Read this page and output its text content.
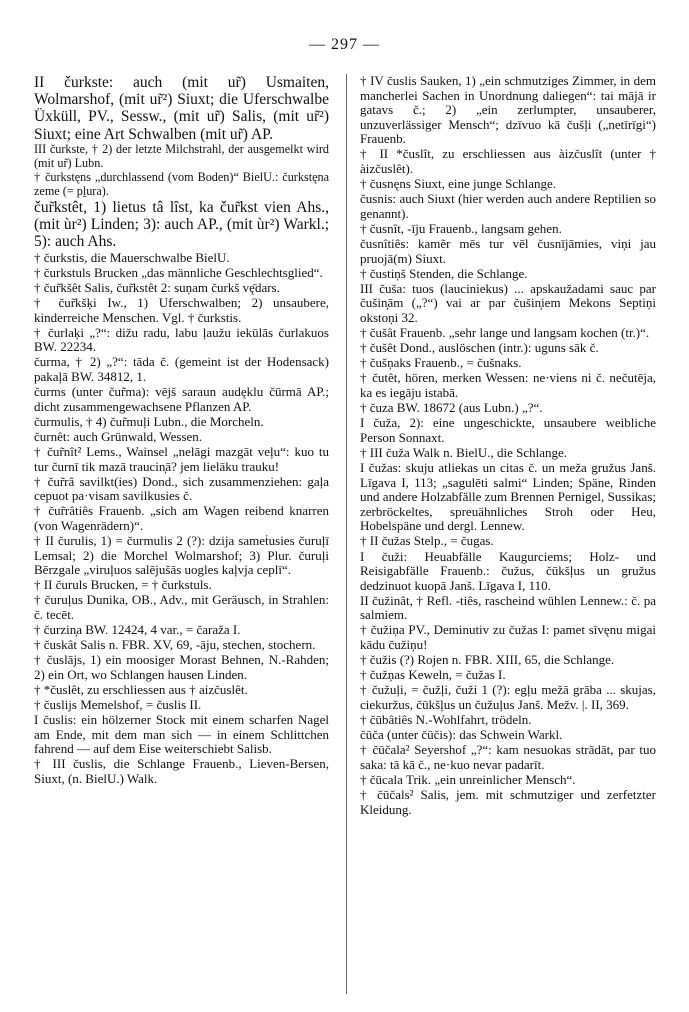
— 297 —

II čurkste: auch (mit ur̃) Usmaiten, Wolmarshof, (mit ur̃²) Siuxt; die Uferschwalbe Üxküll, PV., Sessw., (mit ur̃) Salis, (mit ur̃²) Siuxt; eine Art Schwalben (mit ur̃) AP.

III čurkste, † 2) der letzte Milchstrahl, der ausgemelkt wird (mit ur̃) Lubn.

† čurkstęns „durchlassend (vom Boden)“ BielU.: čurkstęna zeme (= pḻura).

čur̃kstêt, 1) lietus tâ lîst, ka čur̃kst vien Ahs., (mit ùr²) Linden; 3): auch AP., (mit ùr²) Warkl.; 5): auch Ahs.

† čurkstis, die Mauerschwalbe BielU.

† čurkstuls Brucken „das männliche Geschlechtsglied“.

† čur̃kšêt Salis, čur̃kstêt 2: suņam čurkš vę̄dars.

† čur̃kšķi Iw., 1) Uferschwalben; 2) unsaubere, kinderreiche Menschen. Vgl. † čurkstis.

† čurlaķi „?“: dižu radu, labu ļaužu iekūlās čurlakuos BW. 22234.

čurma, † 2) „?“: tāda č. (gemeint ist der Hodensack) pakaļā BW. 34812, 1.

čurms (unter čur̃ma): vējš saraun audęklu čūrmā AP.; dicht zusammengewachsene Pflanzen AP.

čurmulis, † 4) čur̃muļi Lubn., die Morcheln.

čurnêt: auch Grünwald, Wessen.

† čur̃nît² Lems., Wainsel „nelāgi mazgāt veļu“: kuo tu tur čurnī tik mazā traucin̦ā? jem lielāku trauku!

† čur̃râ savilkt(ies) Dond., sich zusammenziehen: gaļa cepuot pa·visam savilkusies č.

† čur̃râtiês Frauenb. „sich am Wagen reibend knarren (von Wagenrädern)“.

† II čurulis, 1) = čurmulis 2 (?): dzija sameṫusies čuruļī Lemsal; 2) die Morchel Wolmarshof; 3) Plur. čuruļi Bērzgale „viruļuos salējušās uogles kaļvja ceplī“.

† II čuruls Brucken, = † čurkstuls.

† čuruļus Dunika, OB., Adv., mit Geräusch, in Strahlen: č. tecēt.

† čurzin̦a BW. 12424, 4 var., = čaraža I.

† čuskât Salis n. FBR. XV, 69, -āju, stechen, stochern.

† čuslājs, 1) ein moosiger Morast Behnen, N.-Rahden; 2) ein Ort, wo Schlangen hausen Linden.

† *čuslêt, zu erschliessen aus † aizčuslêt.

† čuslijs Memelshof, = čuslis II.

I čuslis: ein hölzerner Stock mit einem scharfen Nagel am Ende, mit dem man sich — in einem Schlittchen fahrend — auf dem Eise weiterschiebt Salisb.

† III čuslis, die Schlange Frauenb., Lieven-Bersen, Siuxt, (n. BielU.) Walk.

† IV čuslis Sauken, 1) „ein schmutziges Zimmer, in dem mancherlei Sachen in Unordnung daliegen“: tai mājā ir gatavs č.; 2) „ein zerlumpter, unsauberer, unzuverlässiger Mensch“; dzīvuo kā čušļi („netīrīgi“) Frauenb.

† II *čuslît, zu erschliessen aus àizčuslît (unter † àizčuslêt).

† čusnęns Siuxt, eine junge Schlange.

čusnis: auch Siuxt (hier werden auch andere Reptilien so genannt).

† čusnît, -īju Frauenb., langsam gehen.

čusnîtiês: kamẽr mēs tur vēl čusnījāmies, viņi jau pruojā(m) Siuxt.

† čustiņš Stenden, die Schlange.

III čuša: tuos (lauciniekus) ... apskaužadami sauc par čušin̦ām („?“) vai ar par čušin̦iem Mekons Septiņi okstoņi 32.

† čušât Frauenb. „sehr lange und langsam kochen (tr.)“.

† čušêt Dond., auslöschen (intr.): uguns sāk č.

† čušņaks Frauenb., = čušnaks.

† čutêt, hören, merken Wessen: ne·viens ni č. nečutēja, ka es iegāju istabā.

† čuza BW. 18672 (aus Lubn.) „?“.

I čuža, 2): eine ungeschickte, unsaubere weibliche Person Sonnaxt.

† III čuža Walk n. BielU., die Schlange.

I čužas: skuju atliekas un citas č. un meža gružus Janš. Līgava I, 113; „sagulēti salmi“ Linden; Späne, Rinden und andere Holzabfälle zum Brennen Pernigel, Sussikas; zerbröckeltes, spreuähnliches Stroh oder Heu, Hobelspäne und dergl. Lennew.

† II čužas Stelp., = čugas.

I čuži: Heuabfälle Kaugurciems; Holz- und Reisigabfälle Frauenb.: čužus, čūkšļus un gružus dedzinuot kuopā Janš. Līgava I, 110.

II čužinât, † Refl. -tiês, rascheind wühlen Lennew.: č. pa salmiem.

† čužiņa PV., Deminutiv zu čužas I: pamet sīvęnu migai kādu čužiņu!

† čužis (?) Rojen n. FBR. XIII, 65, die Schlange.

† čužņas Keweln, = čužas I.

† čužuļi, = čužļi, čuži 1 (?): egļu mežā grāba ... skujas, ciekuržus, čūkšļus un čužuļus Janš. Mežv. |. II, 369.

† čūbâtiês N.-Wohlfahrt, trödeln.

čūča (unter čūčis): das Schwein Warkl.

† čūčala² Seyershof „?“: kam nesuokas strādāt, par tuo saka: tā kā č., ne·kuo nevar padarīt.

† čūcala Trik. „ein unreinlicher Mensch“.

† čūčals² Salis, jem. mit schmutziger und zerfetzter Kleidung.
